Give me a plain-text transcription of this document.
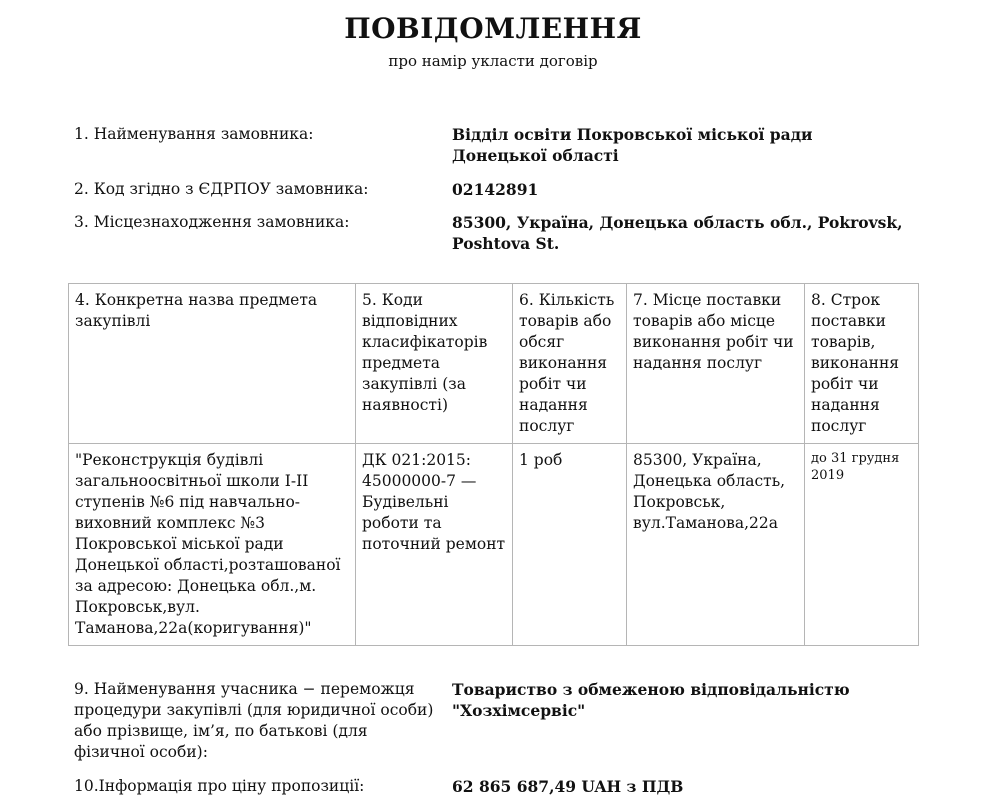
ПОВІДОМЛЕННЯ
про намір укласти договір
1. Найменування замовника:	Відділ освіти Покровської міської ради Донецької області
2. Код згідно з ЄДРПОУ замовника:	02142891
3. Місцезнаходження замовника:	85300, Україна, Донецька область обл., Pokrovsk, Poshtova St.
4. Конкретна назва предмета закупівлі	5. Коди відповідних класифікаторів предмета закупівлі (за наявності)	6. Кількість товарів або обсяг виконання робіт чи надання послуг	7. Місце поставки товарів або місце виконання робіт чи надання послуг	8. Строк поставки товарів, виконання робіт чи надання послуг
"Реконструкція будівлі загальноосвітньої школи І-ІІ ступенів №6 під навчально-виховний комплекс №3 Покровської міської ради Донецької області,розташованої за адресою: Донецька обл.,м. Покровськ,вул. Таманова,22а(коригування)"	ДК 021:2015: 45000000-7 — Будівельні роботи та поточний ремонт	1 роб	85300, Україна, Донецька область, Покровськ, вул.Таманова,22а	до 31 грудня 2019
9. Найменування учасника − переможця процедури закупівлі (для юридичної особи) або прізвище, ім’я, по батькові (для фізичної особи):
Товариство з обмеженою відповідальністю "Хозхімсервіс"
10.Інформація про ціну пропозиції:	62 865 687,49 UAH з ПДВ
